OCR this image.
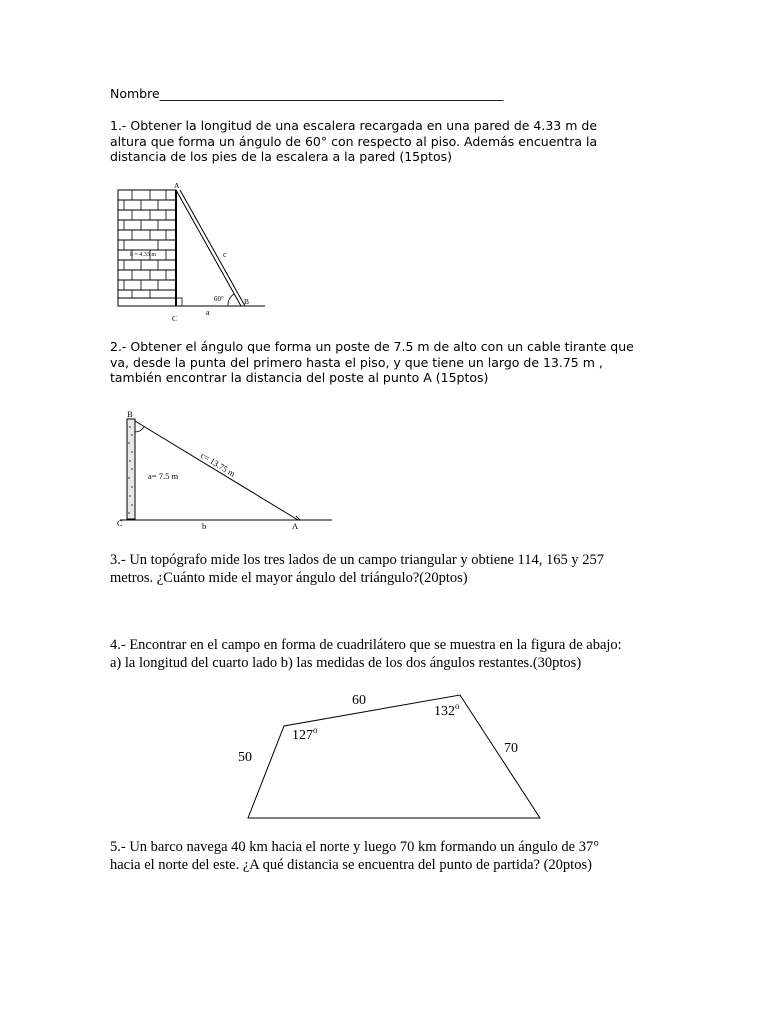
Nombre_______________________________________________________

1.- Obtener la longitud de una escalera recargada en una pared de 4.33 m de
altura que forma un ángulo de 60° con respecto al piso. Además encuentra la
distancia de los pies de la escalera a la pared (15ptos)

A
B
C
a
b = 4.33 m	c
60°

2.- Obtener el ángulo que forma un poste de 7.5 m de alto con un cable tirante que
va, desde la punta del primero hasta el piso, y que tiene un largo de 13.75 m ,
también encontrar la distancia del poste al punto A (15ptos)

B
C	A
a= 7.5 m
b
c= 13.75 m

3.- Un topógrafo mide los tres lados de un campo triangular y obtiene 114, 165 y 257
metros. ¿Cuánto mide el mayor ángulo del triángulo?(20ptos)

4.- Encontrar en el campo en forma de cuadrilátero que se muestra en la figura de abajo:
a) la longitud del cuarto lado b) las medidas de los dos ángulos restantes.(30ptos)

60
50
70
127$^o$
132$^o$

5.- Un barco navega 40 km hacia el norte y luego 70 km formando un ángulo de 37°
hacia el norte del este. ¿A qué distancia se encuentra del punto de partida? (20ptos)
